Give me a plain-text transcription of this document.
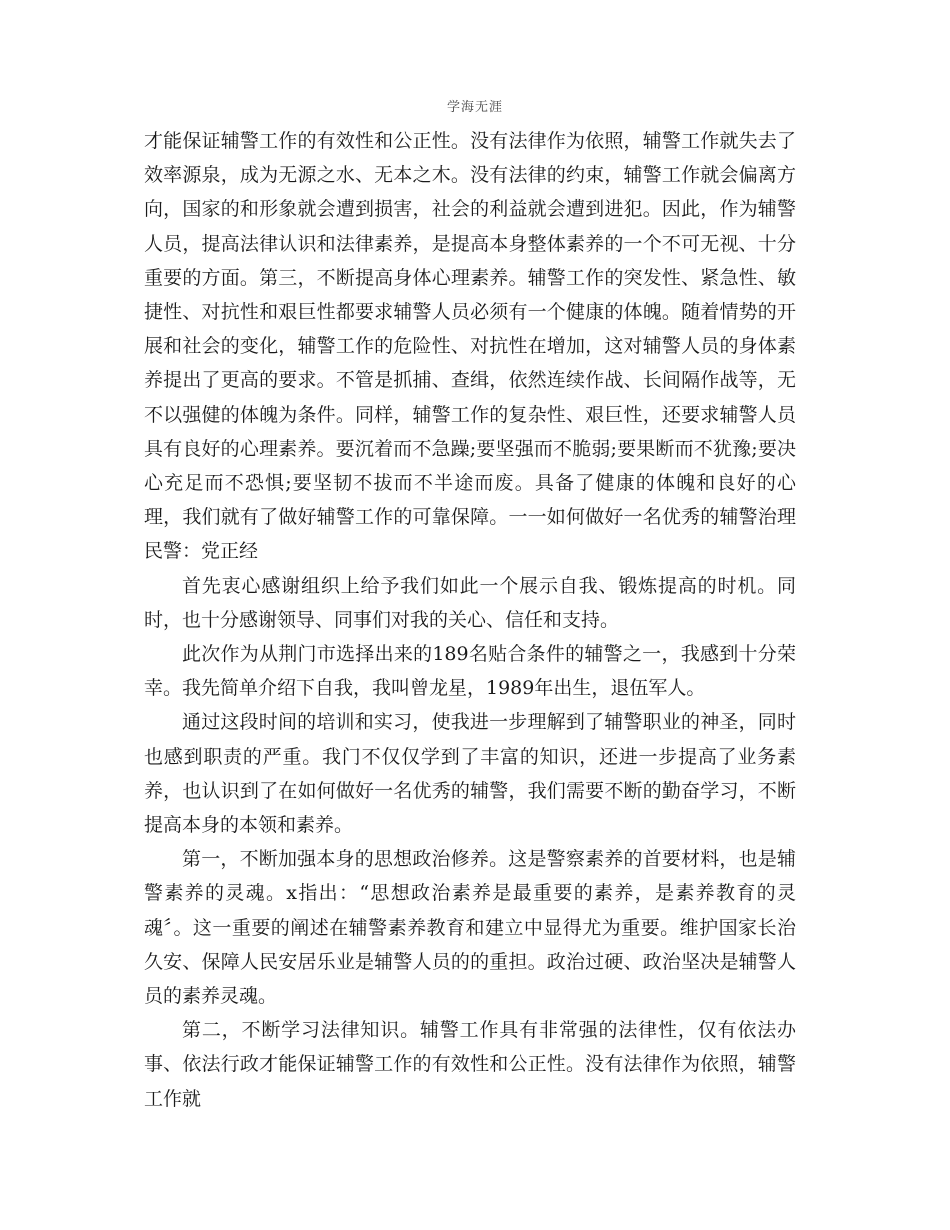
学海无涯

才能保证辅警工作的有效性和公正性。没有法律作为依照，辅警工作就失去了效率源泉，成为无源之水、无本之木。没有法律的约束，辅警工作就会偏离方向，国家的和形象就会遭到损害，社会的利益就会遭到进犯。因此，作为辅警人员，提高法律认识和法律素养，是提高本身整体素养的一个不可无视、十分重要的方面。第三，不断提高身体心理素养。辅警工作的突发性、紧急性、敏捷性、对抗性和艰巨性都要求辅警人员必须有一个健康的体魄。随着情势的开展和社会的变化，辅警工作的危险性、对抗性在增加，这对辅警人员的身体素养提出了更高的要求。不管是抓捕、查缉，依然连续作战、长间隔作战等，无不以强健的体魄为条件。同样，辅警工作的复杂性、艰巨性，还要求辅警人员具有良好的心理素养。要沉着而不急躁;要坚强而不脆弱;要果断而不犹豫;要决心充足而不恐惧;要坚韧不拔而不半途而废。具备了健康的体魄和良好的心理，我们就有了做好辅警工作的可靠保障。一一如何做好一名优秀的辅警治理民警：党正经

首先衷心感谢组织上给予我们如此一个展示自我、锻炼提高的时机。同时，也十分感谢领导、同事们对我的关心、信任和支持。

此次作为从荆门市选择出来的189名贴合条件的辅警之一，我感到十分荣幸。我先简单介绍下自我，我叫曾龙星，1989年出生，退伍军人。

通过这段时间的培训和实习，使我进一步理解到了辅警职业的神圣，同时也感到职责的严重。我门不仅仅学到了丰富的知识，还进一步提高了业务素养，也认识到了在如何做好一名优秀的辅警，我们需要不断的勤奋学习，不断提高本身的本领和素养。

第一，不断加强本身的思想政治修养。这是警察素养的首要材料，也是辅警素养的灵魂。x指出：“思想政治素养是最重要的素养，是素养教育的灵魂〞。这一重要的阐述在辅警素养教育和建立中显得尤为重要。维护国家长治久安、保障人民安居乐业是辅警人员的的重担。政治过硬、政治坚决是辅警人员的素养灵魂。

第二，不断学习法律知识。辅警工作具有非常强的法律性，仅有依法办事、依法行政才能保证辅警工作的有效性和公正性。没有法律作为依照，辅警工作就
